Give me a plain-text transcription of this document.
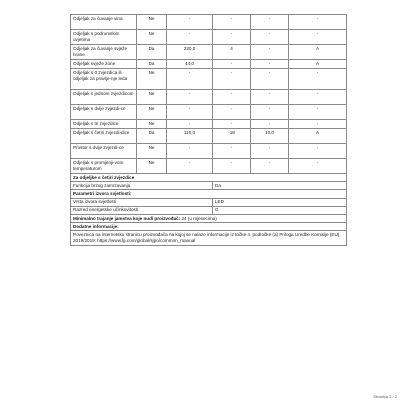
Odjeljak za čuvanje vina	Ne	-	-	-	-
Odjeljak s podrumskim uvjetima	Ne	-	-	-	-
Odjeljak za čuvanje svježe hrane	Da	230,0	4	-	A
Odjeljak svježe zone	Da	44,0	-	-	A
Odjeljak s 0 zvjezdica ili odjeljak za pravlje-nje leda	Ne	-	-	-	-
Odjeljak s jednom zvjezdicom	Ne	-	-	-	-
Odjeljak s dvije zvjezdi-ce	Ne	-	-	-	-
Odjeljak s tri zvjezdice	Ne	-	-	-	-
Odjeljak s četiri zvjezdi-dice	Da	110,0	-18	10,0	A
Prostor s dvije zvjezdi-ce	Ne	-	-	-	-
Odjeljak s promjenji-vom temperaturom	Ne	-	-	-	-
Za odjeljke s četiri zvjezdice					
Funkcija brzog zamrzavanja			Da		
Parametri izvora svjetlosti:					
Vrsta izvora svjetlosti			LED		
Razred energetske učinkovitosti			G		
Minimalno trajanje jamstva koje nudi proizvođač: 24 (u mjesecima)					
Dodatne informacije:					
Poveznica na internetsku stranicu proizvođača na kojoj se nalaze informacije iz točke 4. podtočke (a) Priloga Uredbe Komisije (EU) 2019/2019: https://www.lg.com/global/sjpo/common_manual					
Stranica 2 / 2
